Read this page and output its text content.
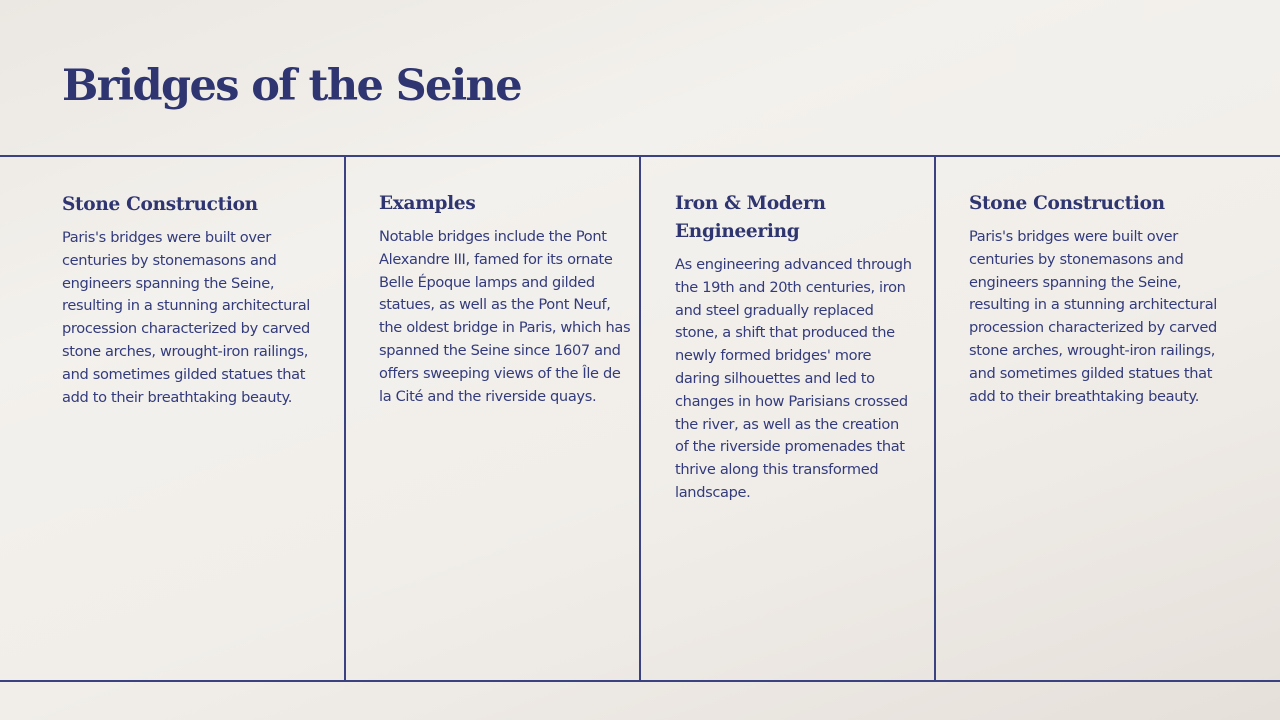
Bridges of the Seine
Stone Construction

Paris's bridges were built over centuries by stonemasons and engineers spanning the Seine, resulting in a stunning architectural procession characterized by carved stone arches, wrought-iron railings, and sometimes gilded statues that add to their breathtaking beauty.

Examples

Notable bridges include the Pont Alexandre III, famed for its ornate Belle Époque lamps and gilded statues, as well as the Pont Neuf, the oldest bridge in Paris, which has spanned the Seine since 1607 and offers sweeping views of the Île de la Cité and the riverside quays.

Iron & Modern Engineering

As engineering advanced through the 19th and 20th centuries, iron and steel gradually replaced stone, a shift that produced the newly formed bridges' more daring silhouettes and led to changes in how Parisians crossed the river, as well as the creation of the riverside promenades that thrive along this transformed landscape.

Stone Construction

Paris's bridges were built over centuries by stonemasons and engineers spanning the Seine, resulting in a stunning architectural procession characterized by carved stone arches, wrought-iron railings, and sometimes gilded statues that add to their breathtaking beauty.
